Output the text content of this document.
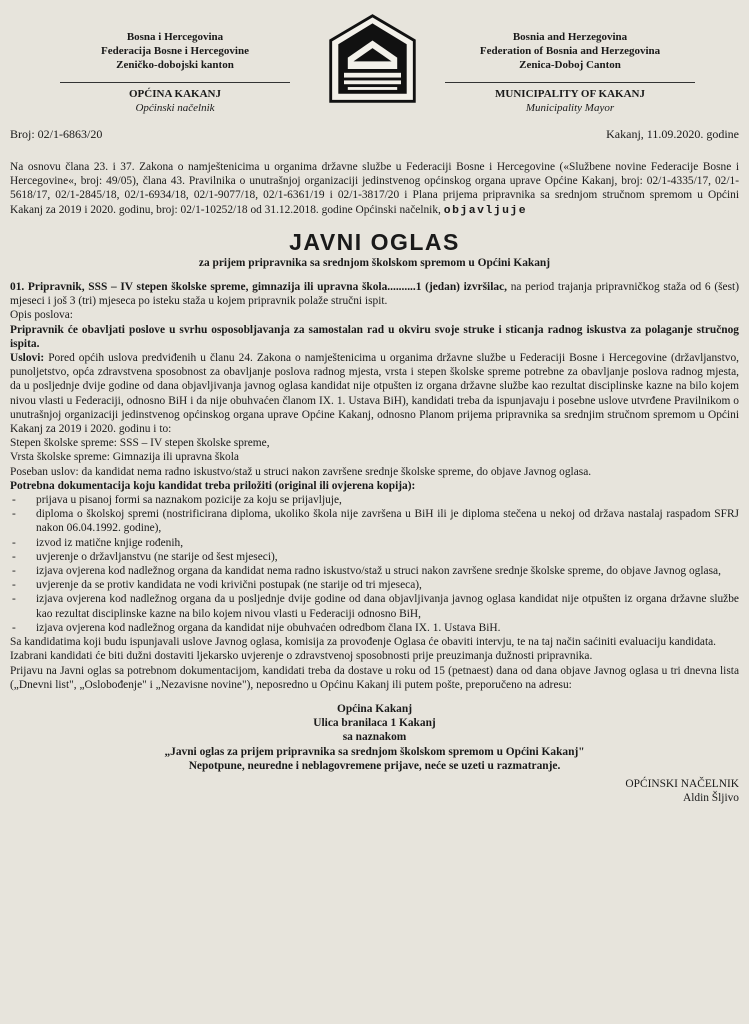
Bosna i Hercegovina
Federacija Bosne i Hercegovine
Zeničko-dobojski kanton
OPĆINA KAKANJ
Općinski načelnik
Bosnia and Herzegovina
Federation of Bosnia and Herzegovina
Zenica-Doboj Canton
MUNICIPALITY OF KAKANJ
Municipality Mayor
Broj: 02/1-6863/20	Kakanj, 11.09.2020. godine

Na osnovu člana 23. i 37. Zakona o namještenicima u organima državne službe u Federaciji Bosne i Hercegovine («Službene novine Federacije Bosne i Hercegovine«, broj: 49/05), člana 43. Pravilnika o unutrašnjoj organizaciji jedinstvenog općinskog organa uprave Općine Kakanj, broj: 02/1-4335/17, 02/1-5618/17, 02/1-2845/18, 02/1-6934/18, 02/1-9077/18, 02/1-6361/19 i 02/1-3817/20 i Plana prijema pripravnika sa srednjom stručnom spremom u Općini Kakanj za 2019 i 2020. godinu, broj: 02/1-10252/18 od 31.12.2018. godine Općinski načelnik, objavljuje

JAVNI OGLAS
za prijem pripravnika sa srednjom školskom spremom u Općini Kakanj

01. Pripravnik, SSS – IV stepen školske spreme, gimnazija ili upravna škola..........1 (jedan) izvršilac, na period trajanja pripravničkog staža od 6 (šest) mjeseci i još 3 (tri) mjeseca po isteku staža u kojem pripravnik polaže stručni ispit.

Opis poslova:

Pripravnik će obavljati poslove u svrhu osposobljavanja za samostalan rad u okviru svoje struke i sticanja radnog iskustva za polaganje stručnog ispita.

Uslovi: Pored općih uslova predviđenih u članu 24. Zakona o namještenicima u organima državne službe u Federaciji Bosne i Hercegovine (državljanstvo, punoljetstvo, opća zdravstvena sposobnost za obavljanje poslova radnog mjesta, vrsta i stepen školske spreme potrebne za obavljanje poslova radnog mjesta, da u posljednje dvije godine od dana objavljivanja javnog oglasa kandidat nije otpušten iz organa državne službe kao rezultat disciplinske kazne na bilo kojem nivou vlasti u Federaciji, odnosno BiH i da nije obuhvaćen članom IX. 1. Ustava BiH), kandidati treba da ispunjavaju i posebne uslove utvrđene Pravilnikom o unutrašnjoj organizaciji jedinstvenog općinskog organa uprave Općine Kakanj, odnosno Planom prijema pripravnika sa srednjim stručnom spremom u Općini Kakanj za 2019 i 2020. godinu i to:

Stepen školske spreme: SSS – IV stepen školske spreme,

Vrsta školske spreme: Gimnazija ili upravna škola

Poseban uslov: da kandidat nema radno iskustvo/staž u struci nakon završene srednje školske spreme, do objave Javnog oglasa.

Potrebna dokumentacija koju kandidat treba priložiti (original ili ovjerena kopija):

- prijava u pisanoj formi sa naznakom pozicije za koju se prijavljuje,
- diploma o školskoj spremi (nostrificirana diploma, ukoliko škola nije završena u BiH ili je diploma stečena u nekoj od država nastalaj raspadom SFRJ nakon 06.04.1992. godine),
- izvod iz matične knjige rođenih,
- uvjerenje o državljanstvu (ne starije od šest mjeseci),
- izjava ovjerena kod nadležnog organa da kandidat nema radno iskustvo/staž u struci nakon završene srednje školske spreme, do objave Javnog oglasa,
- uvjerenje da se protiv kandidata ne vodi krivični postupak (ne starije od tri mjeseca),
- izjava ovjerena kod nadležnog organa da u posljednje dvije godine od dana objavljivanja javnog oglasa kandidat nije otpušten iz organa državne službe kao rezultat disciplinske kazne na bilo kojem nivou vlasti u Federaciji odnosno BiH,
- izjava ovjerena kod nadležnog organa da kandidat nije obuhvaćen odredbom člana IX. 1. Ustava BiH.

Sa kandidatima koji budu ispunjavali uslove Javnog oglasa, komisija za provođenje Oglasa će obaviti intervju, te na taj način saćiniti evaluaciju kandidata.

Izabrani kandidati će biti dužni dostaviti ljekarsko uvjerenje o zdravstvenoj sposobnosti prije preuzimanja dužnosti pripravnika.

Prijavu na Javni oglas sa potrebnom dokumentacijom, kandidati treba da dostave u roku od 15 (petnaest) dana od dana objave Javnog oglasa u tri dnevna lista („Dnevni list", „Oslobođenje" i „Nezavisne novine"), neposredno u Općinu Kakanj ili putem pošte, preporučeno na adresu:

Općina Kakanj
Ulica branilaca 1 Kakanj
sa naznakom
„Javni oglas za prijem pripravnika sa srednjom školskom spremom u Općini Kakanj"
Nepotpune, neuredne i neblagovremene prijave, neće se uzeti u razmatranje.
OPĆINSKI NAČELNIK
Aldin Šljivo
